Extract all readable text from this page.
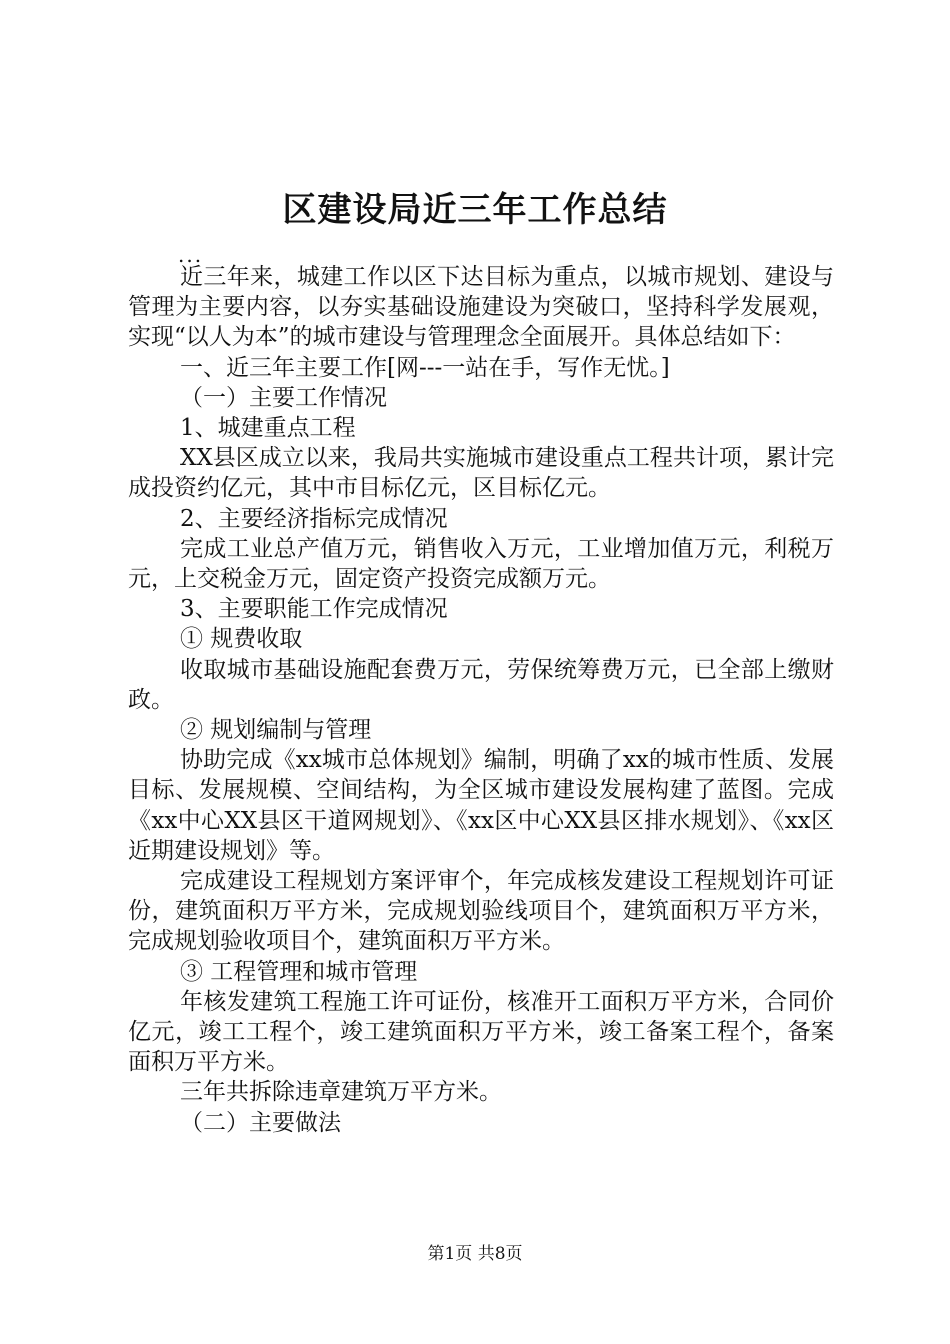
区建设局近三年工作总结
...

近三年来，城建工作以区下达目标为重点，以城市规划、建设与管理为主要内容，以夯实基础设施建设为突破口，坚持科学发展观，实现“以人为本”的城市建设与管理理念全面展开。具体总结如下：

一、近三年主要工作[网---一站在手，写作无忧。]

（一）主要工作情况

1、城建重点工程

XX县区成立以来，我局共实施城市建设重点工程共计项，累计完成投资约亿元，其中市目标亿元，区目标亿元。

2、主要经济指标完成情况

完成工业总产值万元，销售收入万元，工业增加值万元，利税万元，上交税金万元，固定资产投资完成额万元。

3、主要职能工作完成情况

① 规费收取

收取城市基础设施配套费万元，劳保统筹费万元，已全部上缴财政。

② 规划编制与管理

协助完成《xx城市总体规划》编制，明确了xx的城市性质、发展目标、发展规模、空间结构，为全区城市建设发展构建了蓝图。完成《xx中心XX县区干道网规划》、《xx区中心XX县区排水规划》、《xx区近期建设规划》等。

完成建设工程规划方案评审个，年完成核发建设工程规划许可证份，建筑面积万平方米，完成规划验线项目个，建筑面积万平方米，完成规划验收项目个，建筑面积万平方米。

③ 工程管理和城市管理

年核发建筑工程施工许可证份，核准开工面积万平方米，合同价亿元，竣工工程个，竣工建筑面积万平方米，竣工备案工程个，备案面积万平方米。

三年共拆除违章建筑万平方米。

（二）主要做法

第1页 共8页
